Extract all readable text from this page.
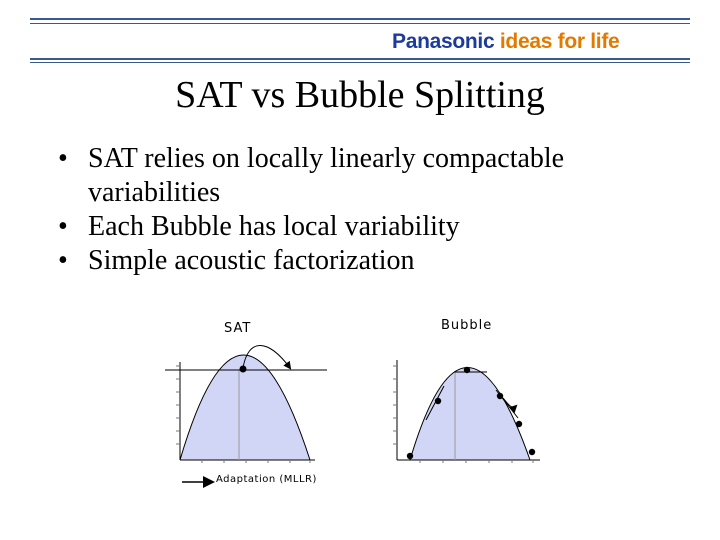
Panasonic ideas for life
SAT vs Bubble Splitting
• SAT relies on locally linearly compactable variabilities
• Each Bubble has local variability
• Simple acoustic factorization
SAT	Bubble
Adaptation (MLLR)
